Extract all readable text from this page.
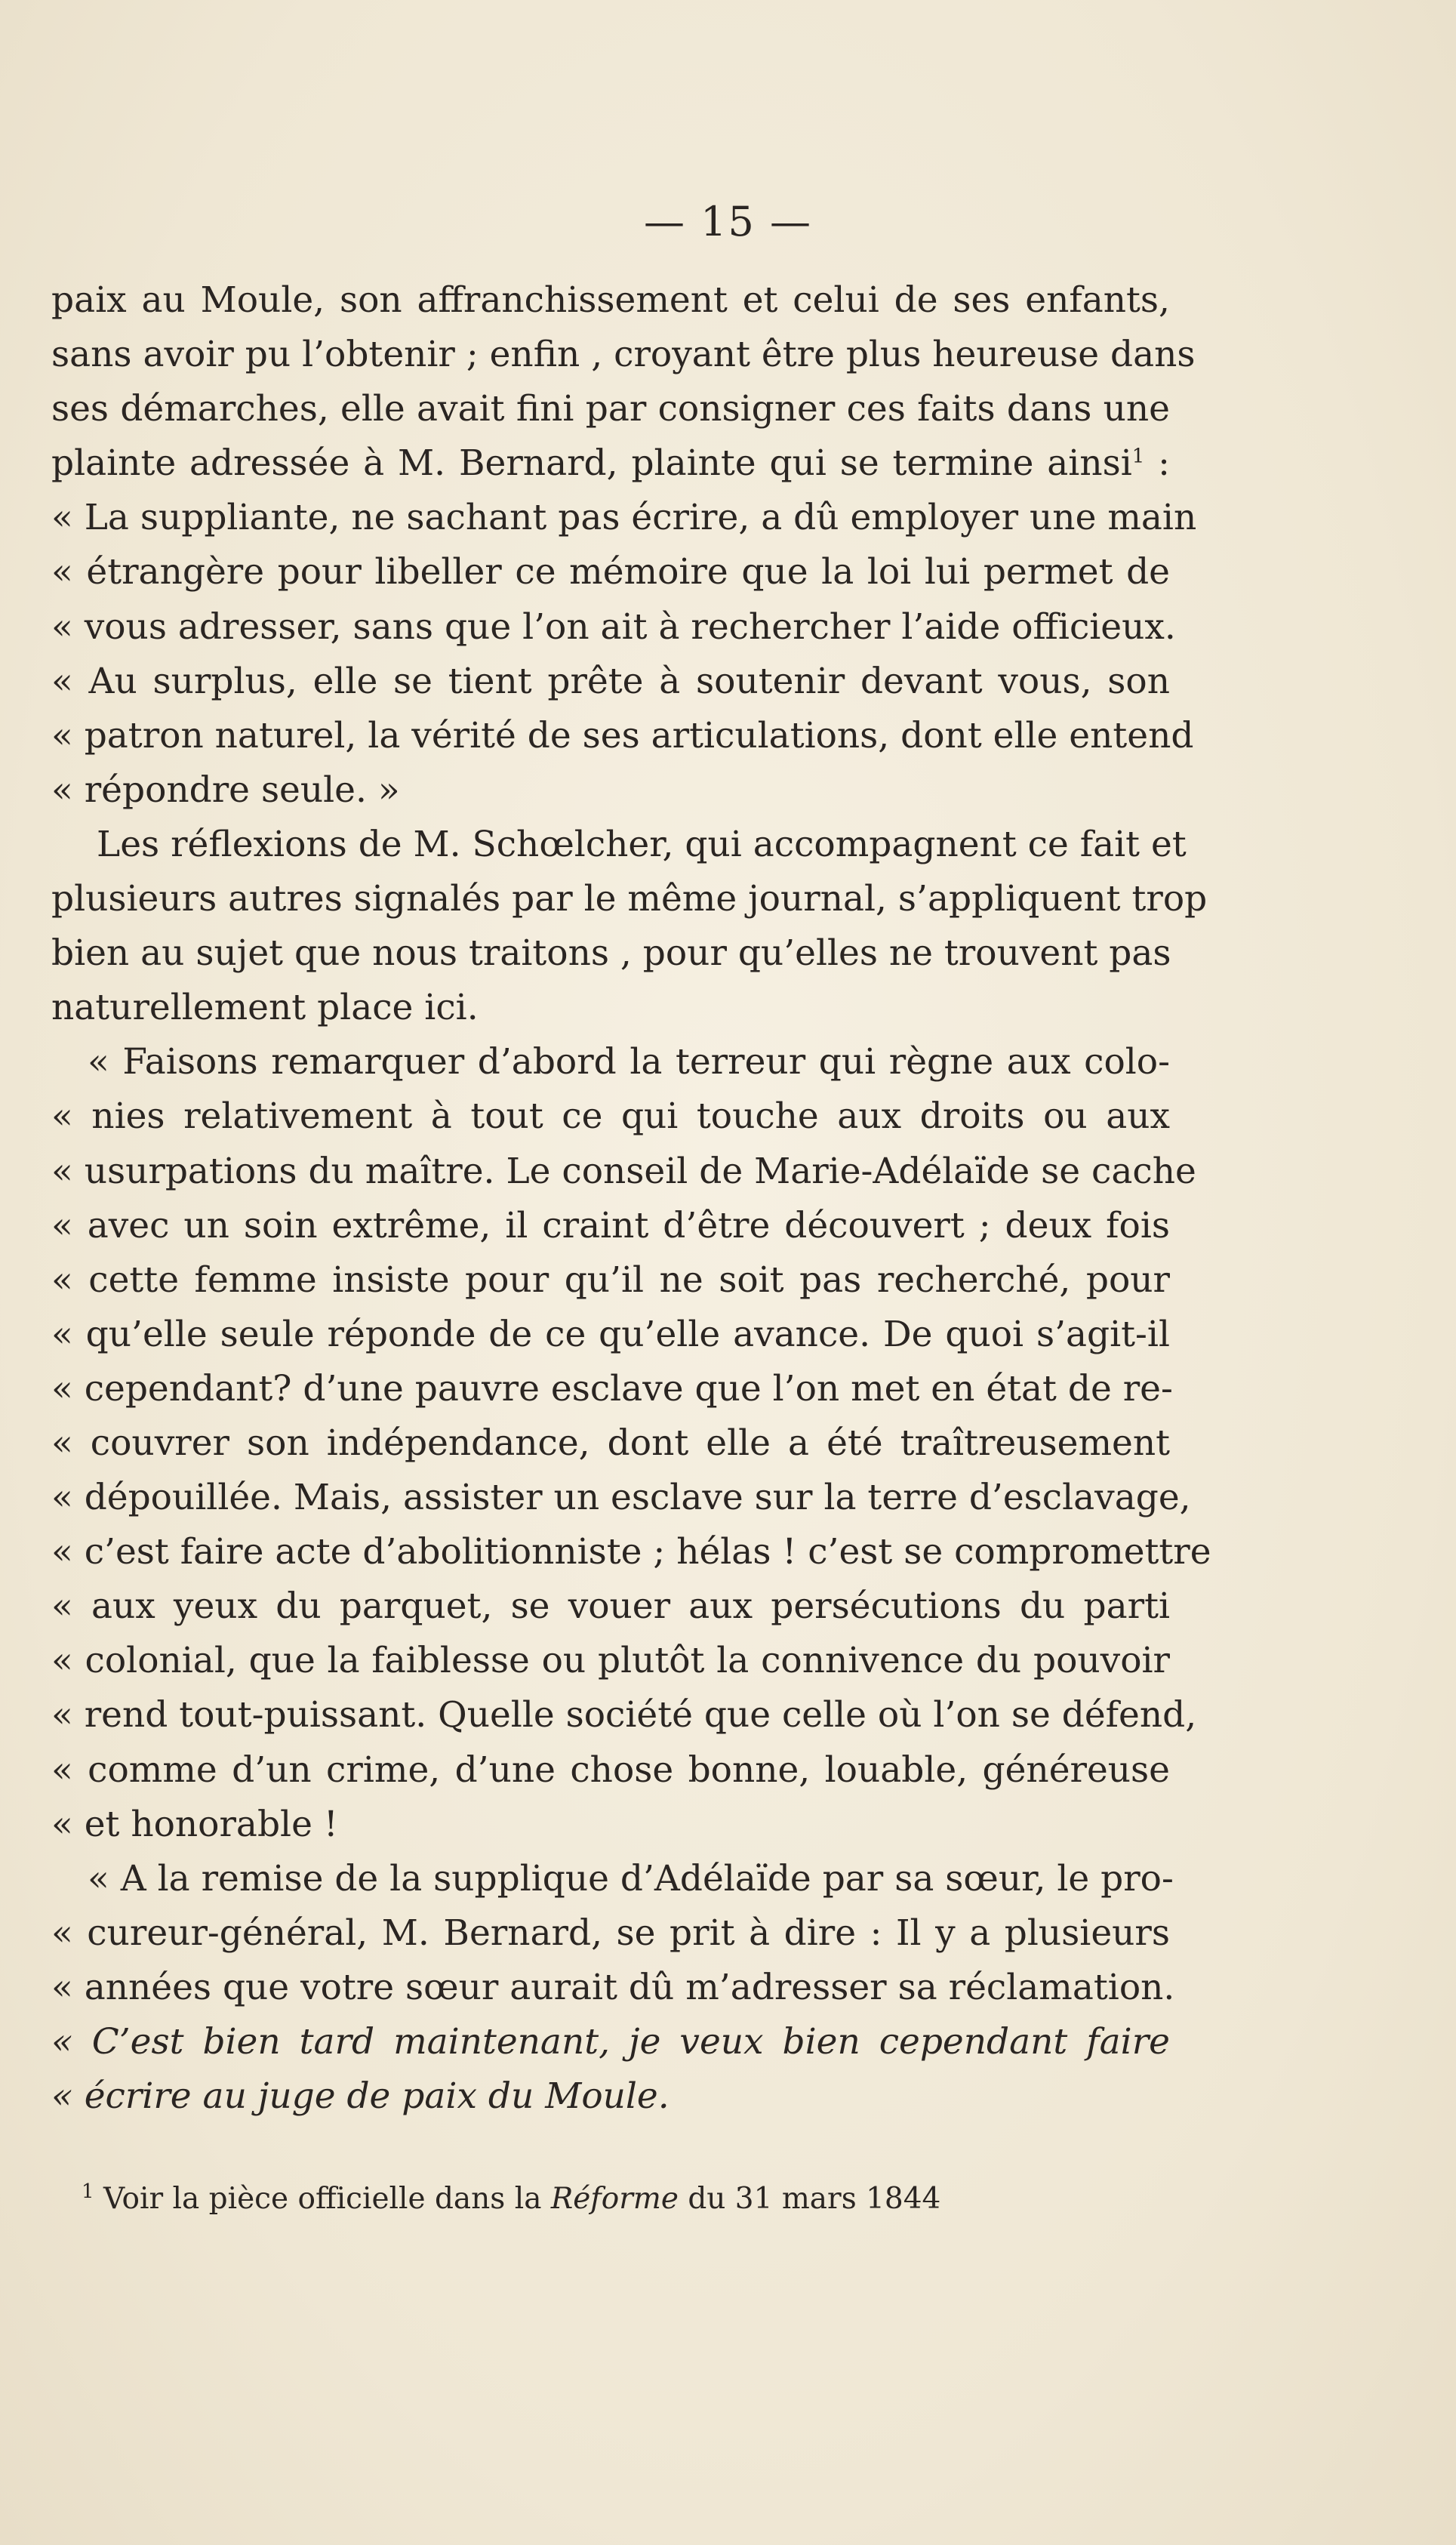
— 15 —
paix au Moule, son affranchissement et celui de ses enfants,
sans avoir pu l’obtenir ; enfin , croyant être plus heureuse dans
ses démarches, elle avait fini par consigner ces faits dans une
plainte adressée à M. Bernard, plainte qui se termine ainsi$^1$ :
« La suppliante, ne sachant pas écrire, a dû employer une main
« étrangère pour libeller ce mémoire que la loi lui permet de
« vous adresser, sans que l’on ait à rechercher l’aide officieux.
« Au surplus, elle se tient prête à soutenir devant vous, son
« patron naturel, la vérité de ses articulations, dont elle entend
« répondre seule. »
Les réflexions de M. Schœlcher, qui accompagnent ce fait et
plusieurs autres signalés par le même journal, s’appliquent trop
bien au sujet que nous traitons , pour qu’elles ne trouvent pas
naturellement place ici.
« Faisons remarquer d’abord la terreur qui règne aux colo-
« nies relativement à tout ce qui touche aux droits ou aux
« usurpations du maître. Le conseil de Marie-Adélaïde se cache
« avec un soin extrême, il craint d’être découvert ; deux fois
« cette femme insiste pour qu’il ne soit pas recherché, pour
« qu’elle seule réponde de ce qu’elle avance. De quoi s’agit-il
« cependant? d’une pauvre esclave que l’on met en état de re-
« couvrer son indépendance, dont elle a été traîtreusement
« dépouillée. Mais, assister un esclave sur la terre d’esclavage,
« c’est faire acte d’abolitionniste ; hélas ! c’est se compromettre
« aux yeux du parquet, se vouer aux persécutions du parti
« colonial, que la faiblesse ou plutôt la connivence du pouvoir
« rend tout-puissant. Quelle société que celle où l’on se défend,
« comme d’un crime, d’une chose bonne, louable, généreuse
« et honorable !
« A la remise de la supplique d’Adélaïde par sa sœur, le pro-
« cureur-général, M. Bernard, se prit à dire : Il y a plusieurs
« années que votre sœur aurait dû m’adresser sa réclamation.
« C’est bien tard maintenant, je veux bien cependant faire
« écrire au juge de paix du Moule.
$^1$ Voir la pièce officielle dans la Réforme du 31 mars 1844
